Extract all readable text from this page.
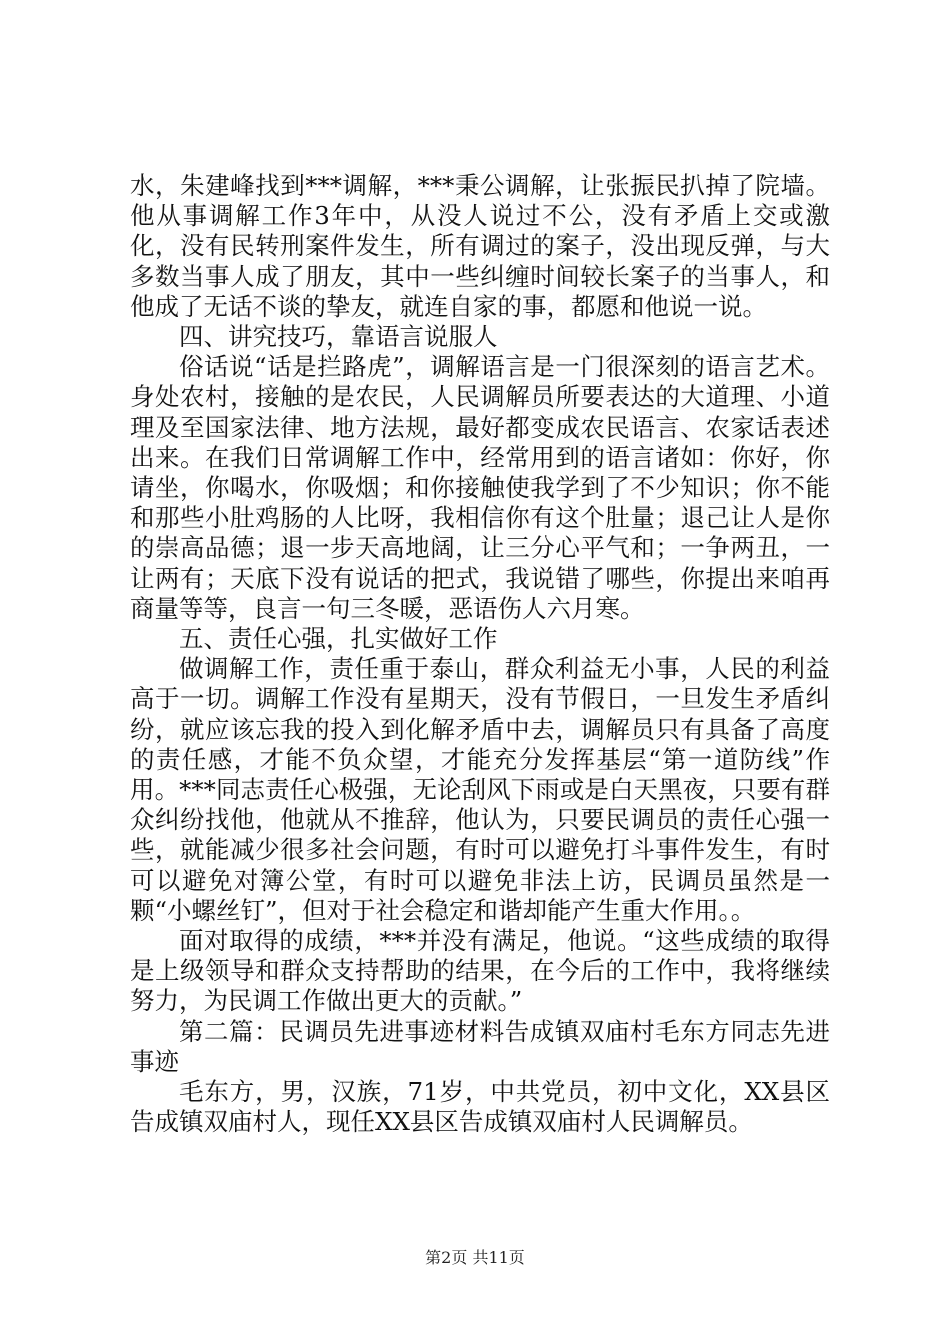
水，朱建峰找到***调解，***秉公调解，让张振民扒掉了院墙。他从事调解工作3年中，从没人说过不公，没有矛盾上交或激化，没有民转刑案件发生，所有调过的案子，没出现反弹，与大多数当事人成了朋友，其中一些纠缠时间较长案子的当事人，和他成了无话不谈的挚友，就连自家的事，都愿和他说一说。

四、讲究技巧，靠语言说服人

俗话说“话是拦路虎”，调解语言是一门很深刻的语言艺术。身处农村，接触的是农民，人民调解员所要表达的大道理、小道理及至国家法律、地方法规，最好都变成农民语言、农家话表述出来。在我们日常调解工作中，经常用到的语言诸如：你好，你请坐，你喝水，你吸烟；和你接触使我学到了不少知识；你不能和那些小肚鸡肠的人比呀，我相信你有这个肚量；退己让人是你的崇高品德；退一步天高地阔，让三分心平气和；一争两丑，一让两有；天底下没有说话的把式，我说错了哪些，你提出来咱再商量等等，良言一句三冬暖，恶语伤人六月寒。

五、责任心强，扎实做好工作

做调解工作，责任重于泰山，群众利益无小事，人民的利益高于一切。调解工作没有星期天，没有节假日，一旦发生矛盾纠纷，就应该忘我的投入到化解矛盾中去，调解员只有具备了高度的责任感，才能不负众望，才能充分发挥基层“第一道防线”作用。***同志责任心极强，无论刮风下雨或是白天黑夜，只要有群众纠纷找他，他就从不推辞，他认为，只要民调员的责任心强一些，就能减少很多社会问题，有时可以避免打斗事件发生，有时可以避免对簿公堂，有时可以避免非法上访，民调员虽然是一颗“小螺丝钉”，但对于社会稳定和谐却能产生重大作用。。

面对取得的成绩，***并没有满足，他说。“这些成绩的取得是上级领导和群众支持帮助的结果，在今后的工作中，我将继续努力，为民调工作做出更大的贡献。”

第二篇：民调员先进事迹材料告成镇双庙村毛东方同志先进事迹

毛东方，男，汉族，71岁，中共党员，初中文化，XX县区告成镇双庙村人，现任XX县区告成镇双庙村人民调解员。

第2页 共11页
